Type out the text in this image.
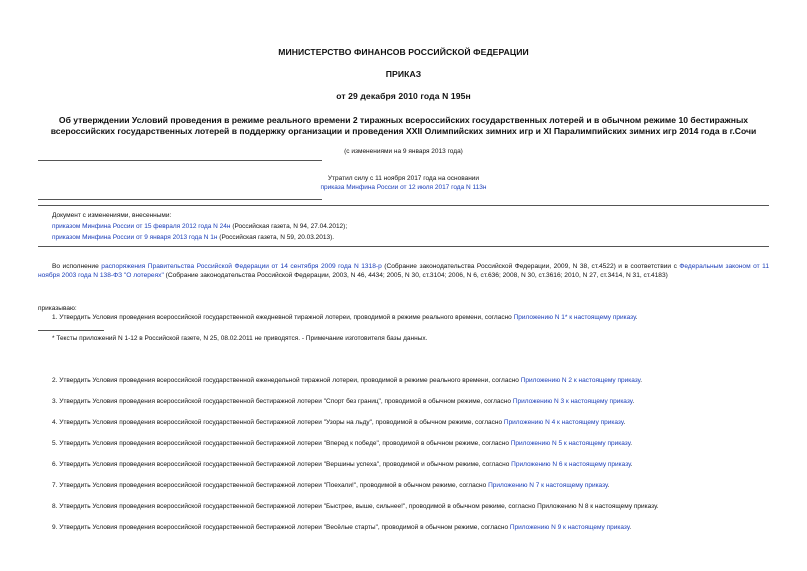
МИНИСТЕРСТВО ФИНАНСОВ РОССИЙСКОЙ ФЕДЕРАЦИИ
ПРИКАЗ
от 29 декабря 2010 года N 195н
Об утверждении Условий проведения в режиме реального времени 2 тиражных всероссийских государственных лотерей и в обычном режиме 10 бестиражных
всероссийских государственных лотерей в поддержку организации и проведения XXII Олимпийских зимних игр и XI Паралимпийских зимних игр 2014 года в г.Сочи
(с изменениями на 9 января 2013 года)
Утратил силу с 11 ноября 2017 года на основании
приказа Минфина России от 12 июля 2017 года N 113н
Документ с изменениями, внесенными:
приказом Минфина России от 15 февраля 2012 года N 24н (Российская газета, N 94, 27.04.2012);
приказом Минфина России от 9 января 2013 года N 1н (Российская газета, N 59, 20.03.2013).
Во исполнение распоряжения Правительства Российской Федерации от 14 сентября 2009 года N 1318-р (Собрание законодательства Российской Федерации, 2009, N 38, ст.4522) и в соответствии с Федеральным законом от 11 ноября 2003 года N 138-ФЗ "О лотереях" (Собрание законодательства Российской Федерации, 2003, N 46, 4434; 2005, N 30, ст.3104; 2006, N 6, ст.636; 2008, N 30, ст.3616; 2010, N 27, ст.3414, N 31, ст.4183)
приказываю:
1. Утвердить Условия проведения всероссийской государственной ежедневной тиражной лотереи, проводимой в режиме реального времени, согласно Приложению N 1* к настоящему приказу.
* Тексты приложений N 1-12 в Российской газете, N 25, 08.02.2011 не приводятся. - Примечание изготовителя базы данных.
2. Утвердить Условия проведения всероссийской государственной еженедельной тиражной лотереи, проводимой в режиме реального времени, согласно Приложению N 2 к настоящему приказу.
3. Утвердить Условия проведения всероссийской государственной бестиражной лотереи "Спорт без границ", проводимой в обычном режиме, согласно Приложению N 3 к настоящему приказу.
4. Утвердить Условия проведения всероссийской государственной бестиражной лотереи "Узоры на льду", проводимой в обычном режиме, согласно Приложению N 4 к настоящему приказу.
5. Утвердить Условия проведения всероссийской государственной бестиражной лотереи "Вперед к победе", проводимой в обычном режиме, согласно Приложению N 5 к настоящему приказу.
6. Утвердить Условия проведения всероссийской государственной бестиражной лотереи "Вершины успеха", проводимой и обычном режиме, согласно Приложению N 6 к настоящему приказу.
7. Утвердить Условия проведения всероссийской государственной бестиражной лотереи "Поехали!", проводимой в обычном режиме, согласно Приложению N 7 к настоящему приказу.
8. Утвердить Условия проведения всероссийской государственной бестиражной лотереи "Быстрее, выше, сильнее!", проводимой в обычном режиме, согласно Приложению N 8 к настоящему приказу.
9. Утвердить Условия проведения всероссийской государственной бестиражной лотереи "Весёлые старты", проводимой в обычном режиме, согласно Приложению N 9 к настоящему приказу.
